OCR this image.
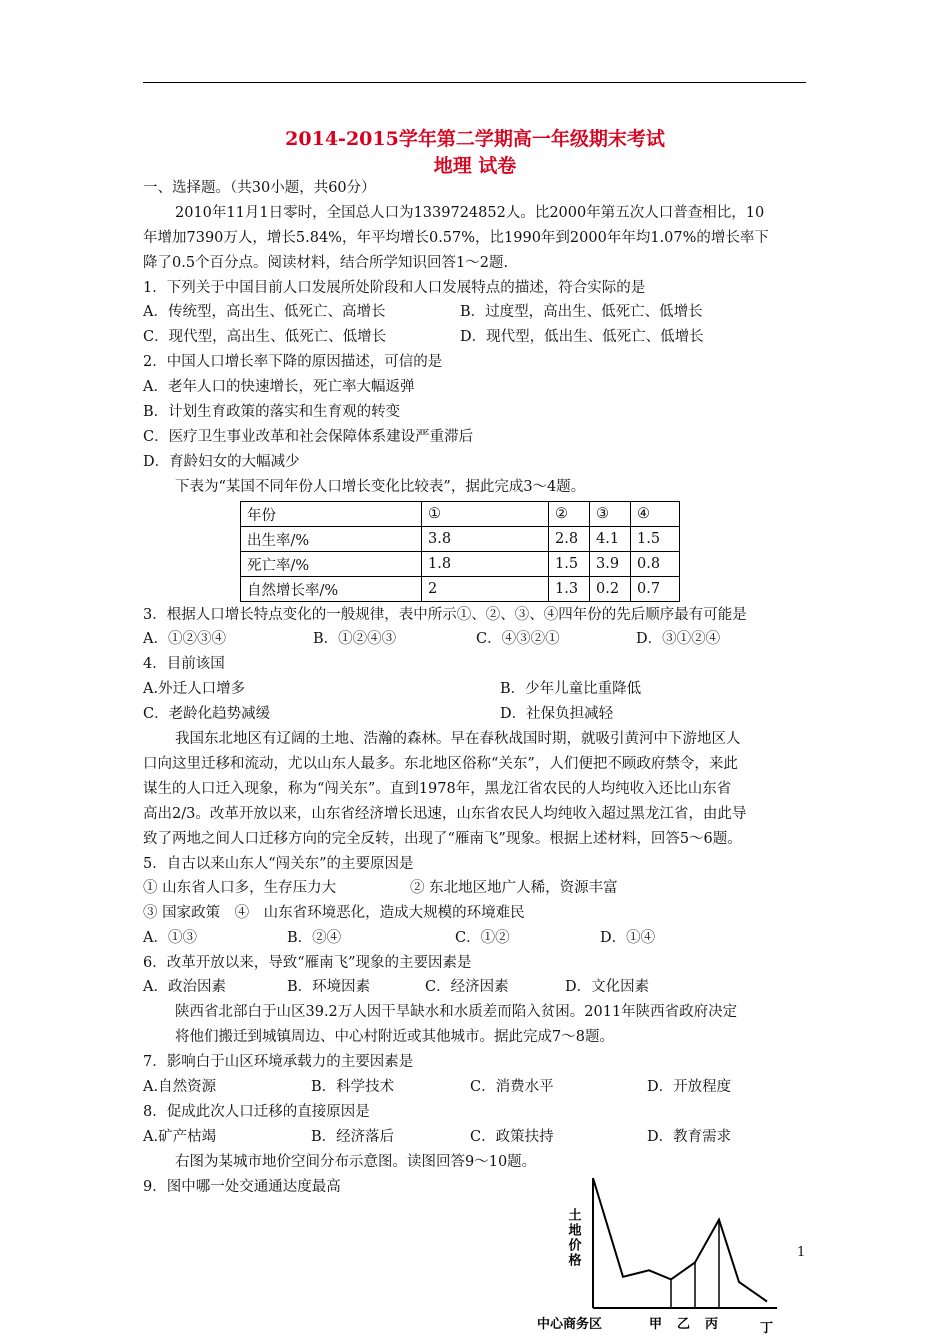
2014-2015学年第二学期高一年级期末考试
地理 试卷
一、选择题。（共30小题，共60分）
2010年11月1日零时，全国总人口为1339724852人。比2000年第五次人口普查相比，10
年增加7390万人，增长5.84%，年平均增长0.57%，比1990年到2000年年均1.07%的增长率下
降了0.5个百分点。阅读材料，结合所学知识回答1～2题.
1．下列关于中国目前人口发展所处阶段和人口发展特点的描述，符合实际的是
A．传统型，高出生、低死亡、高增长	B．过度型，高出生、低死亡、低增长
C．现代型，高出生、低死亡、低增长	D．现代型，低出生、低死亡、低增长
2．中国人口增长率下降的原因描述，可信的是
A．老年人口的快速增长，死亡率大幅返弹
B．计划生育政策的落实和生育观的转变
C．医疗卫生事业改革和社会保障体系建设严重滞后
D．育龄妇女的大幅减少
下表为“某国不同年份人口增长变化比较表”，据此完成3～4题。
年份	①	②	③	④
出生率/%	3.8	2.8	4.1	1.5
死亡率/%	1.8	1.5	3.9	0.8
自然增长率/%	2	1.3	0.2	0.7
3．根据人口增长特点变化的一般规律，表中所示①、②、③、④四年份的先后顺序最有可能是
A．①②③④	B．①②④③	C．④③②①	D．③①②④
4．目前该国
A.外迁人口增多	B．少年儿童比重降低
C．老龄化趋势减缓	D．社保负担减轻
我国东北地区有辽阔的土地、浩瀚的森林。早在春秋战国时期，就吸引黄河中下游地区人
口向这里迁移和流动，尤以山东人最多。东北地区俗称“关东”，人们便把不顾政府禁令，来此
谋生的人口迁入现象，称为“闯关东”。直到1978年，黑龙江省农民的人均纯收入还比山东省
高出2/3。改革开放以来，山东省经济增长迅速，山东省农民人均纯收入超过黑龙江省，由此导
致了两地之间人口迁移方向的完全反转，出现了“雁南飞”现象。根据上述材料，回答5～6题。
5．自古以来山东人“闯关东”的主要原因是
① 山东省人口多，生存压力大	② 东北地区地广人稀，资源丰富
③ 国家政策　④　山东省环境恶化，造成大规模的环境难民
A．①③	B．②④	C．①②	D．①④
6．改革开放以来，导致“雁南飞”现象的主要因素是
A．政治因素	B．环境因素	C．经济因素	D．文化因素
陕西省北部白于山区39.2万人因干旱缺水和水质差而陷入贫困。2011年陕西省政府决定
将他们搬迁到城镇周边、中心村附近或其他城市。据此完成7～8题。
7．影响白于山区环境承载力的主要因素是
A.自然资源	B．科学技术	C．消费水平	D．开放程度
8．促成此次人口迁移的直接原因是
A.矿产枯竭	B．经济落后	C．政策扶持	D．教育需求
右图为某城市地价空间分布示意图。读图回答9～10题。
9．图中哪一处交通通达度最高
1
土地价格
中心商务区	甲 乙 丙	丁
